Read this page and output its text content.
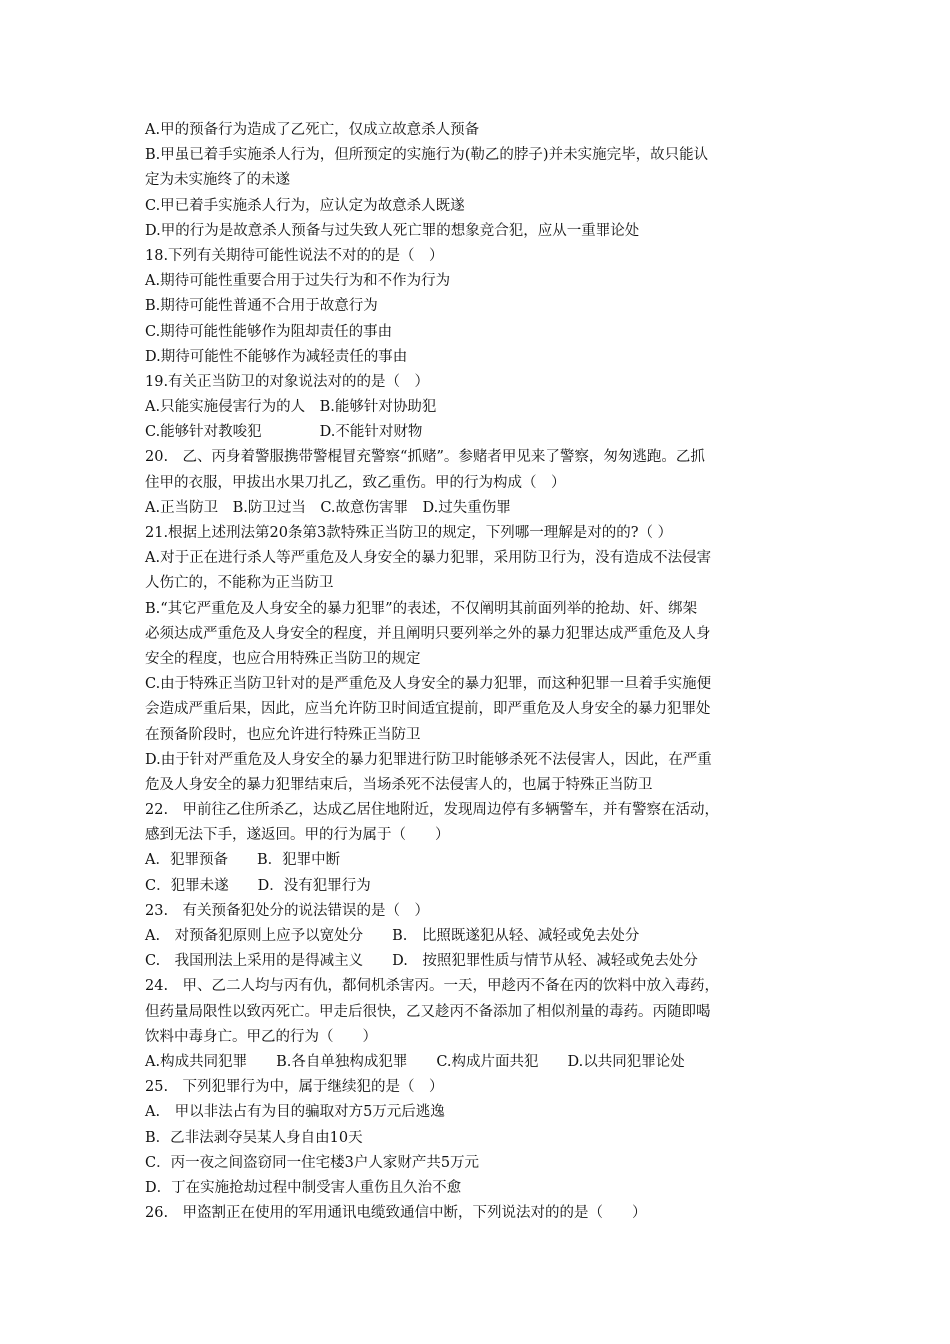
A.甲的预备行为造成了乙死亡，仅成立故意杀人预备
B.甲虽已着手实施杀人行为，但所预定的实施行为(勒乙的脖子)并未实施完毕，故只能认
定为未实施终了的未遂
C.甲已着手实施杀人行为，应认定为故意杀人既遂
D.甲的行为是故意杀人预备与过失致人死亡罪的想象竞合犯，应从一重罪论处
18.下列有关期待可能性说法不对的的是（　）
A.期待可能性重要合用于过失行为和不作为行为
B.期待可能性普通不合用于故意行为
C.期待可能性能够作为阻却责任的事由
D.期待可能性不能够作为减轻责任的事由
19.有关正当防卫的对象说法对的的是（　）
A.只能实施侵害行为的人　B.能够针对协助犯
C.能够针对教唆犯　　　　D.不能针对财物
20.　乙、丙身着警服携带警棍冒充警察“抓赌”。参赌者甲见来了警察，匆匆逃跑。乙抓
住甲的衣服，甲拔出水果刀扎乙，致乙重伤。甲的行为构成（　）
A.正当防卫　B.防卫过当　C.故意伤害罪　D.过失重伤罪
21.根据上述刑法第20条第3款特殊正当防卫的规定，下列哪一理解是对的的?（ ）
A.对于正在进行杀人等严重危及人身安全的暴力犯罪，采用防卫行为，没有造成不法侵害
人伤亡的，不能称为正当防卫
B.“其它严重危及人身安全的暴力犯罪”的表述，不仅阐明其前面列举的抢劫、奸、绑架
必须达成严重危及人身安全的程度，并且阐明只要列举之外的暴力犯罪达成严重危及人身
安全的程度，也应合用特殊正当防卫的规定
C.由于特殊正当防卫针对的是严重危及人身安全的暴力犯罪，而这种犯罪一旦着手实施便
会造成严重后果，因此，应当允许防卫时间适宜提前，即严重危及人身安全的暴力犯罪处
在预备阶段时，也应允许进行特殊正当防卫
D.由于针对严重危及人身安全的暴力犯罪进行防卫时能够杀死不法侵害人，因此，在严重
危及人身安全的暴力犯罪结束后，当场杀死不法侵害人的，也属于特殊正当防卫
22.　甲前往乙住所杀乙，达成乙居住地附近，发现周边停有多辆警车，并有警察在活动，
感到无法下手，遂返回。甲的行为属于（　　）
A．犯罪预备　　B．犯罪中断
C．犯罪未遂　　D．没有犯罪行为
23.　有关预备犯处分的说法错误的是（　）
A.　对预备犯原则上应予以宽处分　　B.　比照既遂犯从轻、减轻或免去处分
C.　我国刑法上采用的是得减主义　　D.　按照犯罪性质与情节从轻、减轻或免去处分
24.　甲、乙二人均与丙有仇，都伺机杀害丙。一天，甲趁丙不备在丙的饮料中放入毒药，
但药量局限性以致丙死亡。甲走后很快，乙又趁丙不备添加了相似剂量的毒药。丙随即喝
饮料中毒身亡。甲乙的行为（　　）
A.构成共同犯罪　　B.各自单独构成犯罪　　C.构成片面共犯　　D.以共同犯罪论处
25.　下列犯罪行为中，属于继续犯的是（　）
A.　甲以非法占有为目的骗取对方5万元后逃逸
B．乙非法剥夺吴某人身自由10天
C．丙一夜之间盗窃同一住宅楼3户人家财产共5万元
D．丁在实施抢劫过程中制受害人重伤且久治不愈
26.　甲盗割正在使用的军用通讯电缆致通信中断，下列说法对的的是（　　）
